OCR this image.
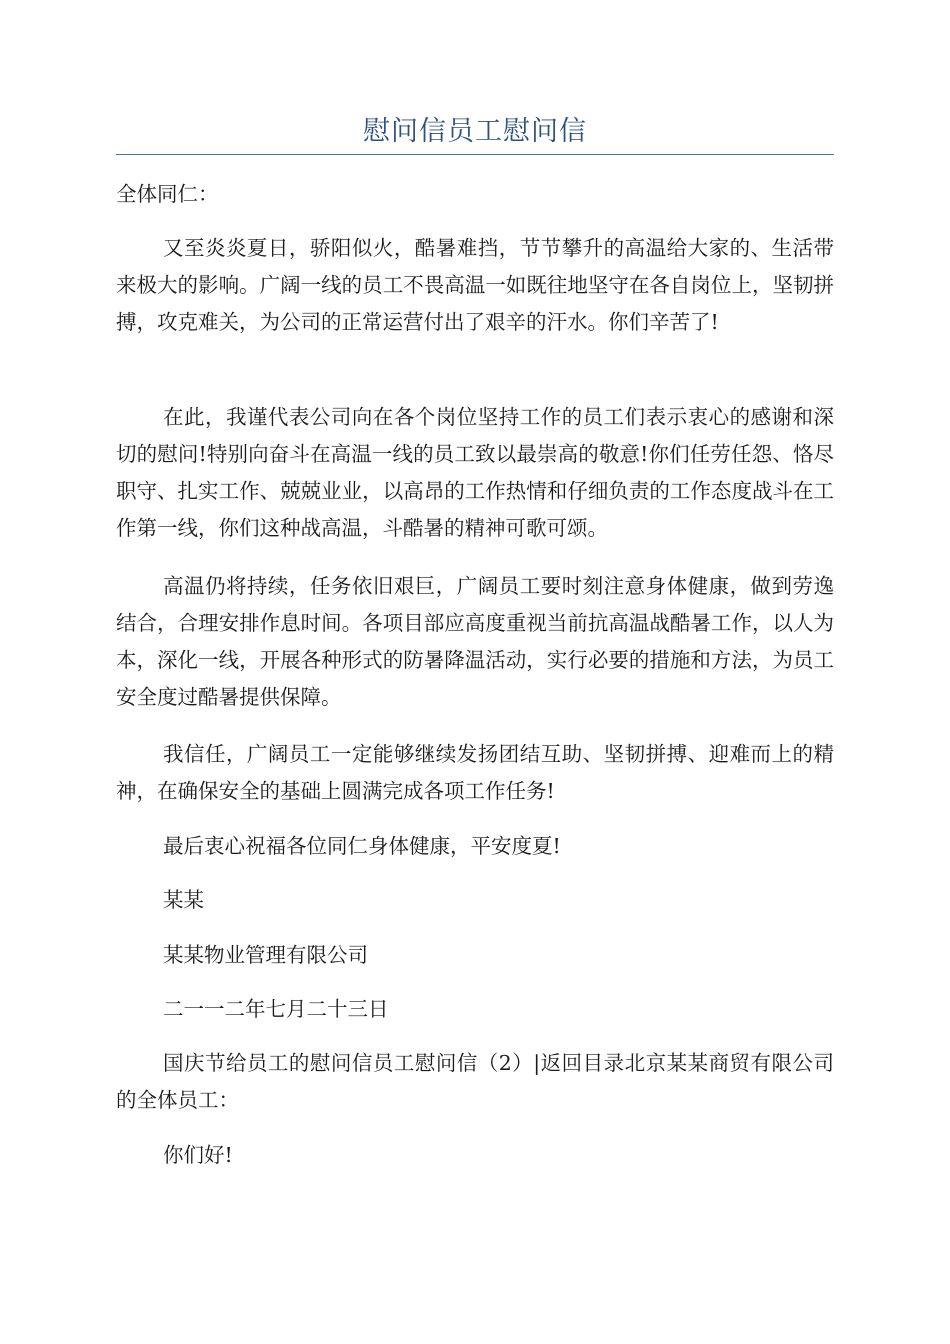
慰问信员工慰问信

全体同仁：

又至炎炎夏日，骄阳似火，酷暑难挡，节节攀升的高温给大家的、生活带来极大的影响。广阔一线的员工不畏高温一如既往地坚守在各自岗位上，坚韧拼搏，攻克难关，为公司的正常运营付出了艰辛的汗水。你们辛苦了!

在此，我谨代表公司向在各个岗位坚持工作的员工们表示衷心的感谢和深切的慰问!特别向奋斗在高温一线的员工致以最崇高的敬意!你们任劳任怨、恪尽职守、扎实工作、兢兢业业，以高昂的工作热情和仔细负责的工作态度战斗在工作第一线，你们这种战高温，斗酷暑的精神可歌可颂。

高温仍将持续，任务依旧艰巨，广阔员工要时刻注意身体健康，做到劳逸结合，合理安排作息时间。各项目部应高度重视当前抗高温战酷暑工作，以人为本，深化一线，开展各种形式的防暑降温活动，实行必要的措施和方法，为员工安全度过酷暑提供保障。

我信任，广阔员工一定能够继续发扬团结互助、坚韧拼搏、迎难而上的精神，在确保安全的基础上圆满完成各项工作任务!

最后衷心祝福各位同仁身体健康，平安度夏!

某某

某某物业管理有限公司

二一一二年七月二十三日

国庆节给员工的慰问信员工慰问信（2）|返回目录北京某某商贸有限公司的全体员工：

你们好!
